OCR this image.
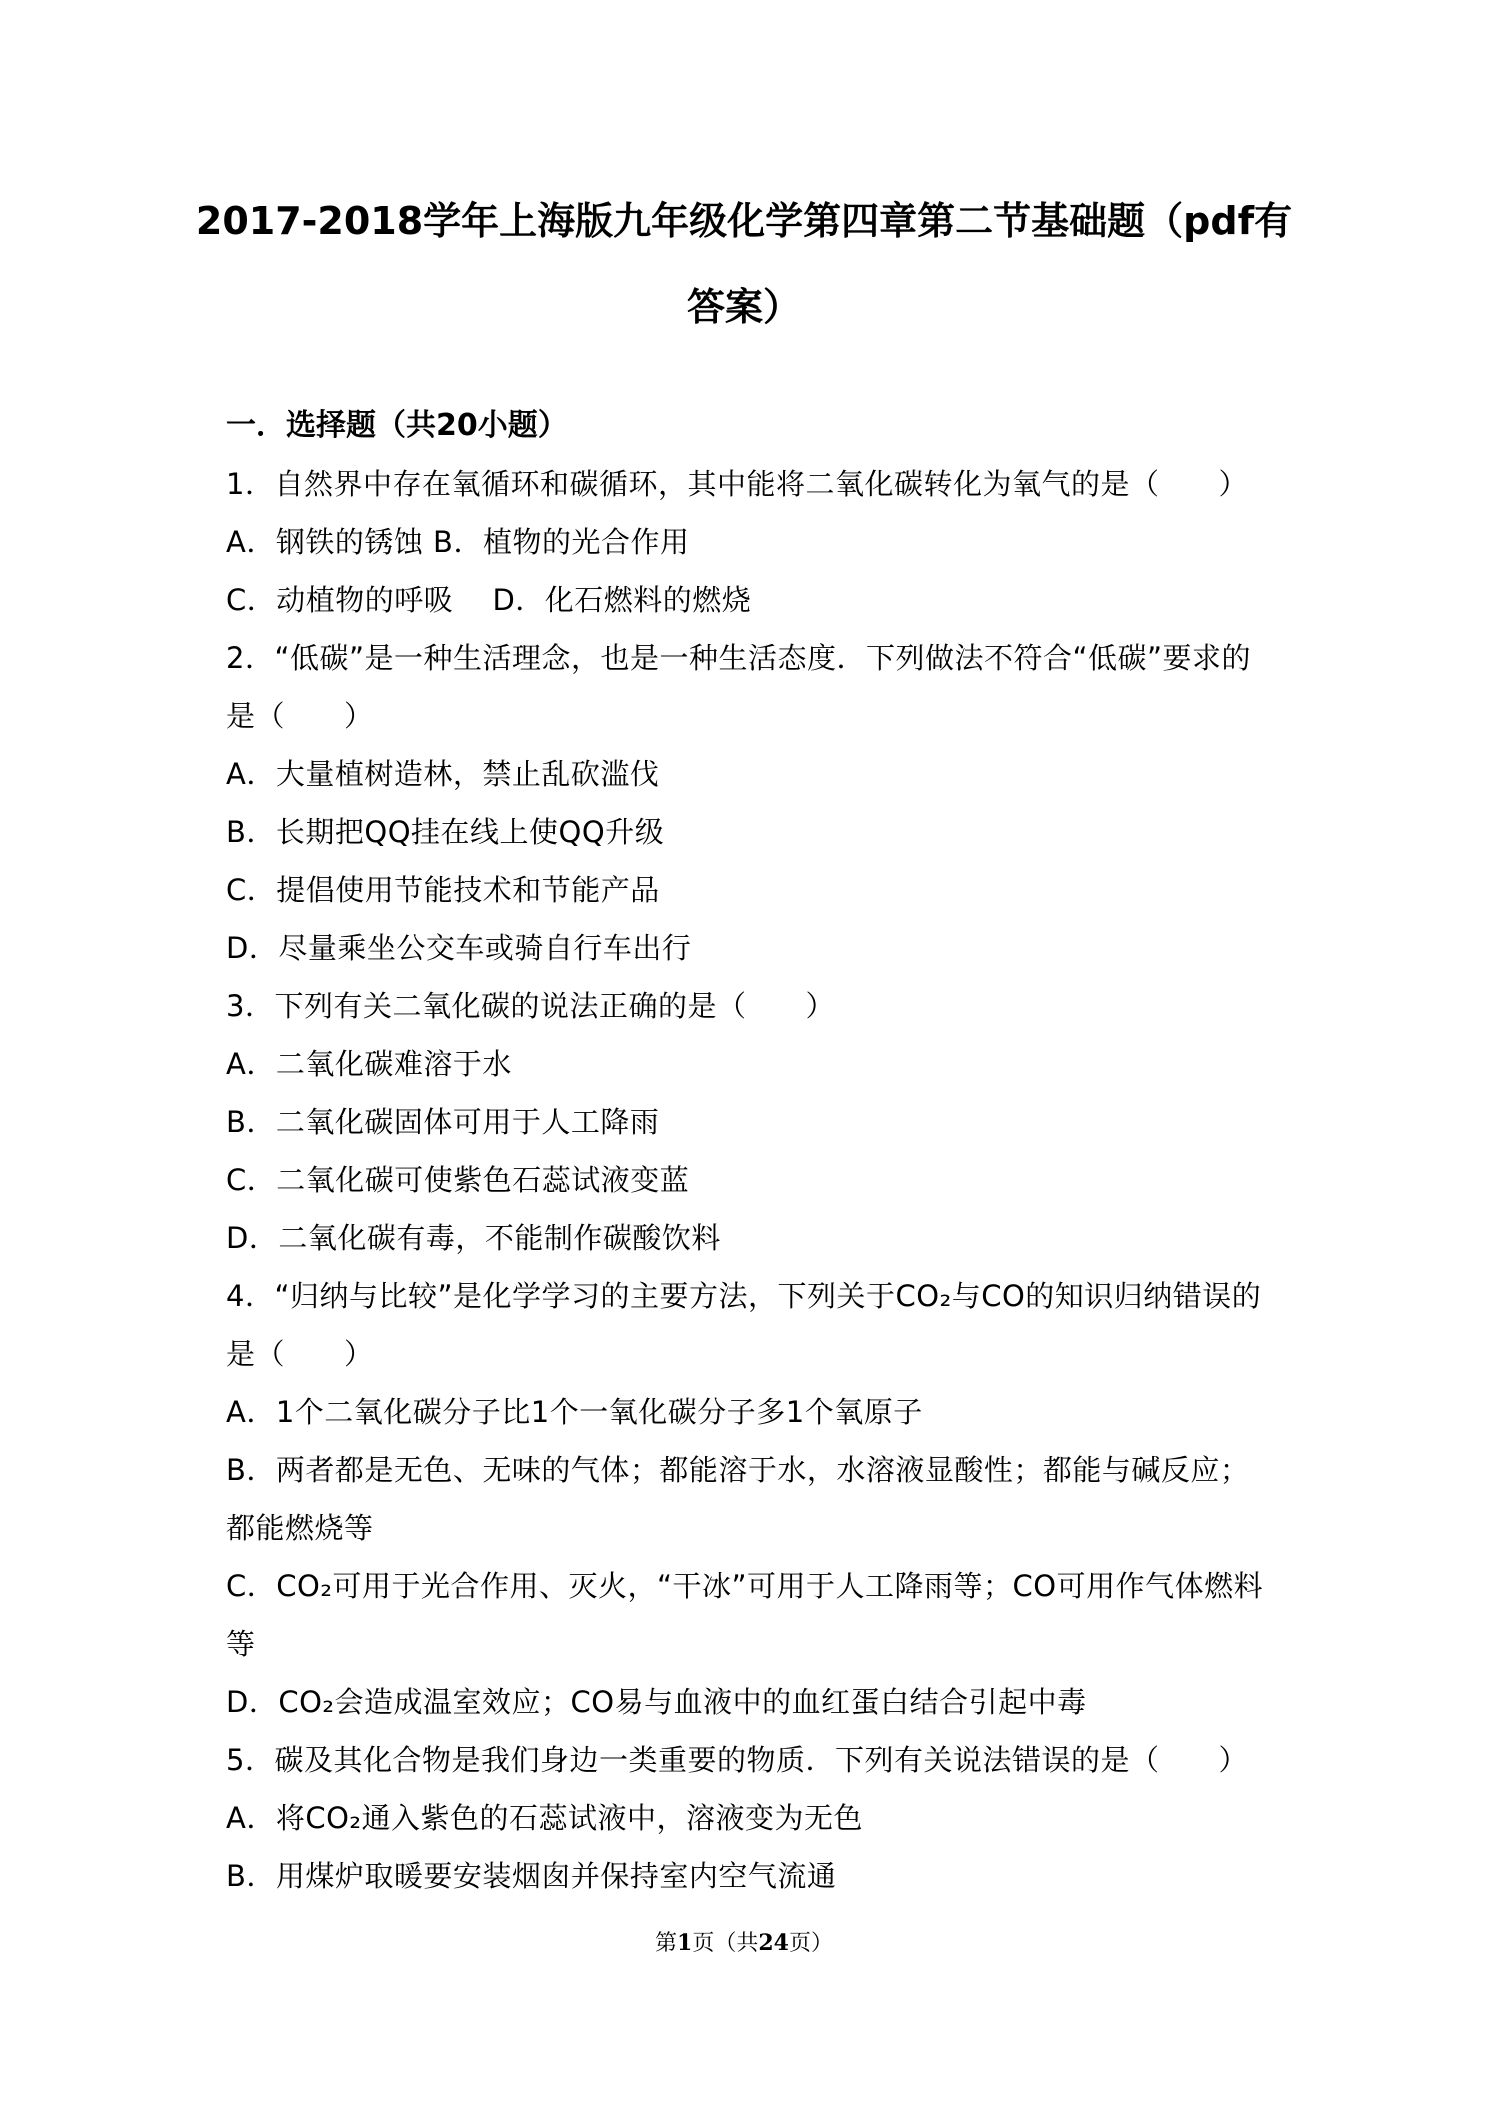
2017-2018学年上海版九年级化学第四章第二节基础题（pdf有
答案）
一．选择题（共20小题）
1．自然界中存在氧循环和碳循环，其中能将二氧化碳转化为氧气的是（　　）
A．钢铁的锈蚀 B．植物的光合作用
C．动植物的呼吸　 D．化石燃料的燃烧
2．“低碳”是一种生活理念，也是一种生活态度．下列做法不符合“低碳”要求的
是（　　）
A．大量植树造林，禁止乱砍滥伐
B．长期把QQ挂在线上使QQ升级
C．提倡使用节能技术和节能产品
D．尽量乘坐公交车或骑自行车出行
3．下列有关二氧化碳的说法正确的是（　　）
A．二氧化碳难溶于水
B．二氧化碳固体可用于人工降雨
C．二氧化碳可使紫色石蕊试液变蓝
D．二氧化碳有毒，不能制作碳酸饮料
4．“归纳与比较”是化学学习的主要方法，下列关于CO₂与CO的知识归纳错误的
是（　　）
A．1个二氧化碳分子比1个一氧化碳分子多1个氧原子
B．两者都是无色、无味的气体；都能溶于水，水溶液显酸性；都能与碱反应；
都能燃烧等
C．CO₂可用于光合作用、灭火，“干冰”可用于人工降雨等；CO可用作气体燃料
等
D．CO₂会造成温室效应；CO易与血液中的血红蛋白结合引起中毒
5．碳及其化合物是我们身边一类重要的物质．下列有关说法错误的是（　　）
A．将CO₂通入紫色的石蕊试液中，溶液变为无色
B．用煤炉取暖要安装烟囱并保持室内空气流通
第1页（共24页）
